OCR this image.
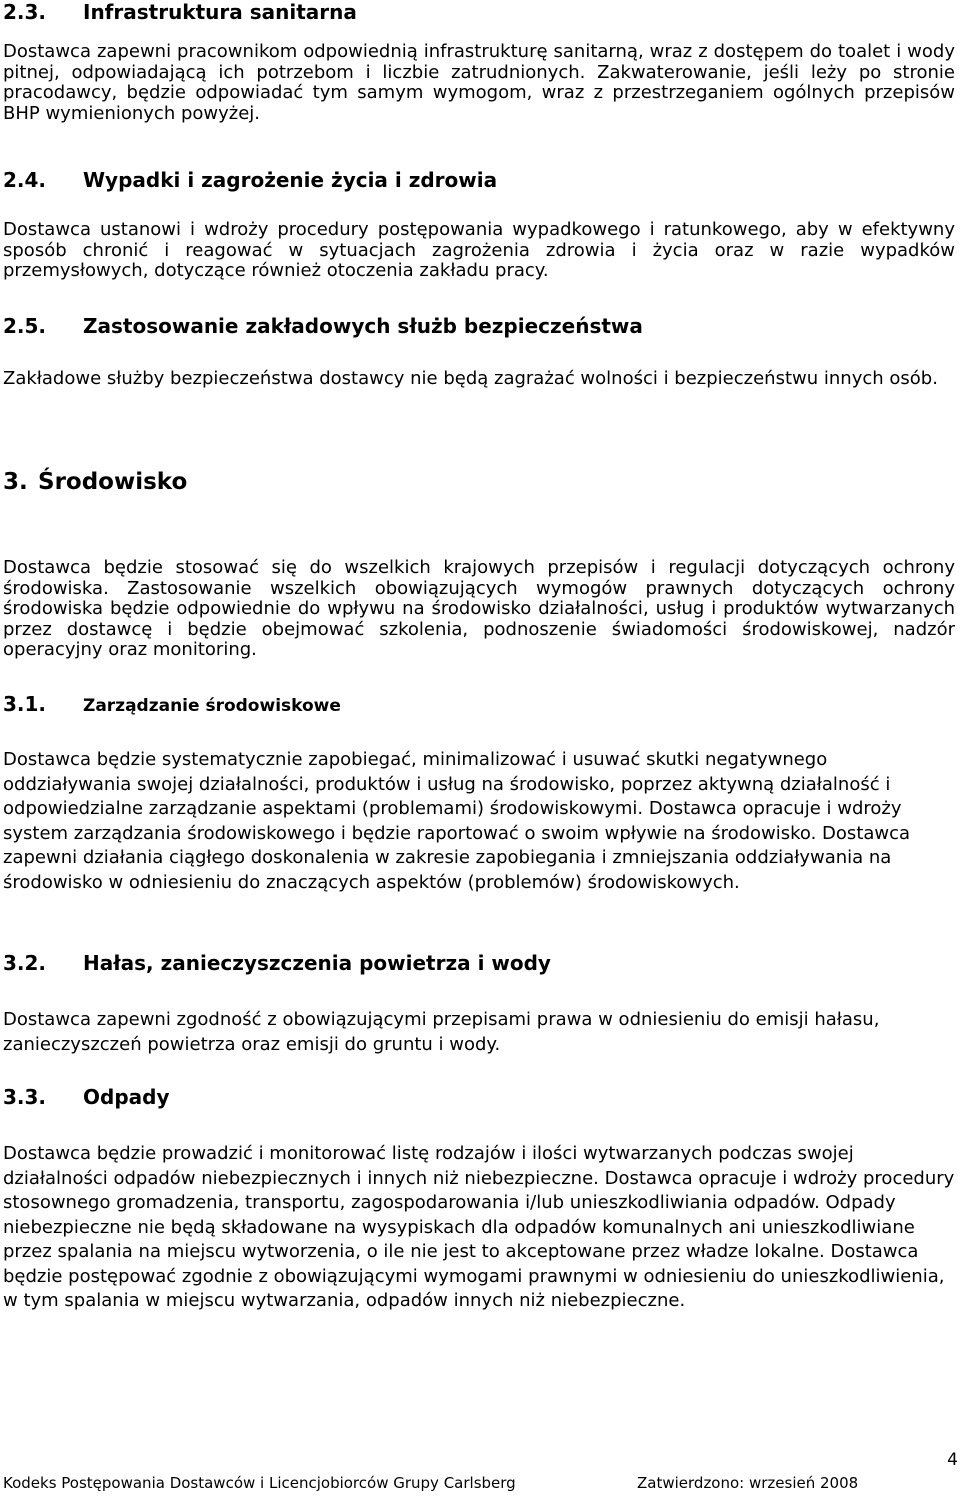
2.3. Infrastruktura sanitarna

Dostawca zapewni pracownikom odpowiednią infrastrukturę sanitarną, wraz z dostępem do toalet i wody pitnej, odpowiadającą ich potrzebom i liczbie zatrudnionych. Zakwaterowanie, jeśli leży po stronie pracodawcy, będzie odpowiadać tym samym wymogom, wraz z przestrzeganiem ogólnych przepisów BHP wymienionych powyżej.

2.4. Wypadki i zagrożenie życia i zdrowia

Dostawca ustanowi i wdroży procedury postępowania wypadkowego i ratunkowego, aby w efektywny sposób chronić i reagować w sytuacjach zagrożenia zdrowia i życia oraz w razie wypadków przemysłowych, dotyczące również otoczenia zakładu pracy.

2.5. Zastosowanie zakładowych służb bezpieczeństwa

Zakładowe służby bezpieczeństwa dostawcy nie będą zagrażać wolności i bezpieczeństwu innych osób.

3. Środowisko

Dostawca będzie stosować się do wszelkich krajowych przepisów i regulacji dotyczących ochrony środowiska. Zastosowanie wszelkich obowiązujących wymogów prawnych dotyczących ochrony środowiska będzie odpowiednie do wpływu na środowisko działalności, usług i produktów wytwarzanych przez dostawcę i będzie obejmować szkolenia, podnoszenie świadomości środowiskowej, nadzór operacyjny oraz monitoring.

3.1. Zarządzanie środowiskowe

Dostawca będzie systematycznie zapobiegać, minimalizować i usuwać skutki negatywnego oddziaływania swojej działalności, produktów i usług na środowisko, poprzez aktywną działalność i odpowiedzialne zarządzanie aspektami (problemami) środowiskowymi. Dostawca opracuje i wdroży system zarządzania środowiskowego i będzie raportować o swoim wpływie na środowisko. Dostawca zapewni działania ciągłego doskonalenia w zakresie zapobiegania i zmniejszania oddziaływania na środowisko w odniesieniu do znaczących aspektów (problemów) środowiskowych.

3.2. Hałas, zanieczyszczenia powietrza i wody

Dostawca zapewni zgodność z obowiązującymi przepisami prawa w odniesieniu do emisji hałasu, zanieczyszczeń powietrza oraz emisji do gruntu i wody.

3.3. Odpady

Dostawca będzie prowadzić i monitorować listę rodzajów i ilości wytwarzanych podczas swojej działalności odpadów niebezpiecznych i innych niż niebezpieczne. Dostawca opracuje i wdroży procedury stosownego gromadzenia, transportu, zagospodarowania i/lub unieszkodliwiania odpadów. Odpady niebezpieczne nie będą składowane na wysypiskach dla odpadów komunalnych ani unieszkodliwiane przez spalania na miejscu wytworzenia, o ile nie jest to akceptowane przez władze lokalne. Dostawca będzie postępować zgodnie z obowiązującymi wymogami prawnymi w odniesieniu do unieszkodliwienia, w tym spalania w miejscu wytwarzania, odpadów innych niż niebezpieczne.

4
Kodeks Postępowania Dostawców i Licencjobiorców Grupy Carlsberg	Zatwierdzono: wrzesień 2008
